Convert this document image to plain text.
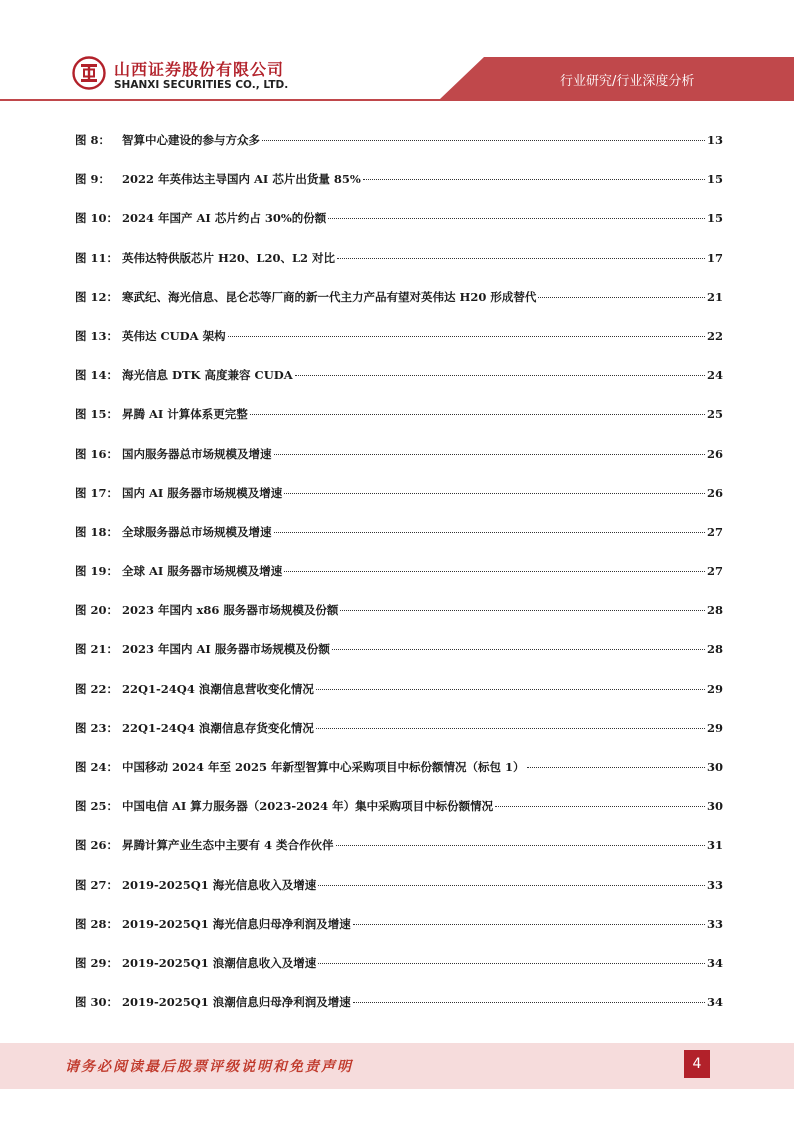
山西证券股份有限公司
SHANXI SECURITIES CO., LTD.	行业研究/行业深度分析
图 8：	智算中心建设的参与方众多	13
图 9：	2022 年英伟达主导国内 AI 芯片出货量 85%	15
图 10： 2024 年国产 AI 芯片约占 30%的份额	15
图 11： 英伟达特供版芯片 H20、L20、L2 对比	17
图 12： 寒武纪、海光信息、昆仑芯等厂商的新一代主力产品有望对英伟达 H20 形成替代	21
图 13： 英伟达 CUDA 架构	22
图 14： 海光信息 DTK 高度兼容 CUDA	24
图 15： 昇腾 AI 计算体系更完整	25
图 16： 国内服务器总市场规模及增速	26
图 17： 国内 AI 服务器市场规模及增速	26
图 18： 全球服务器总市场规模及增速	27
图 19： 全球 AI 服务器市场规模及增速	27
图 20： 2023 年国内 x86 服务器市场规模及份额	28
图 21： 2023 年国内 AI 服务器市场规模及份额	28
图 22： 22Q1-24Q4 浪潮信息营收变化情况	29
图 23： 22Q1-24Q4 浪潮信息存货变化情况	29
图 24： 中国移动 2024 年至 2025 年新型智算中心采购项目中标份额情况（标包 1）	30
图 25： 中国电信 AI 算力服务器（2023-2024 年）集中采购项目中标份额情况	30
图 26： 昇腾计算产业生态中主要有 4 类合作伙伴	31
图 27： 2019-2025Q1 海光信息收入及增速	33
图 28： 2019-2025Q1 海光信息归母净利润及增速	33
图 29： 2019-2025Q1 浪潮信息收入及增速	34
图 30： 2019-2025Q1 浪潮信息归母净利润及增速	34
请务必阅读最后股票评级说明和免责声明	4
